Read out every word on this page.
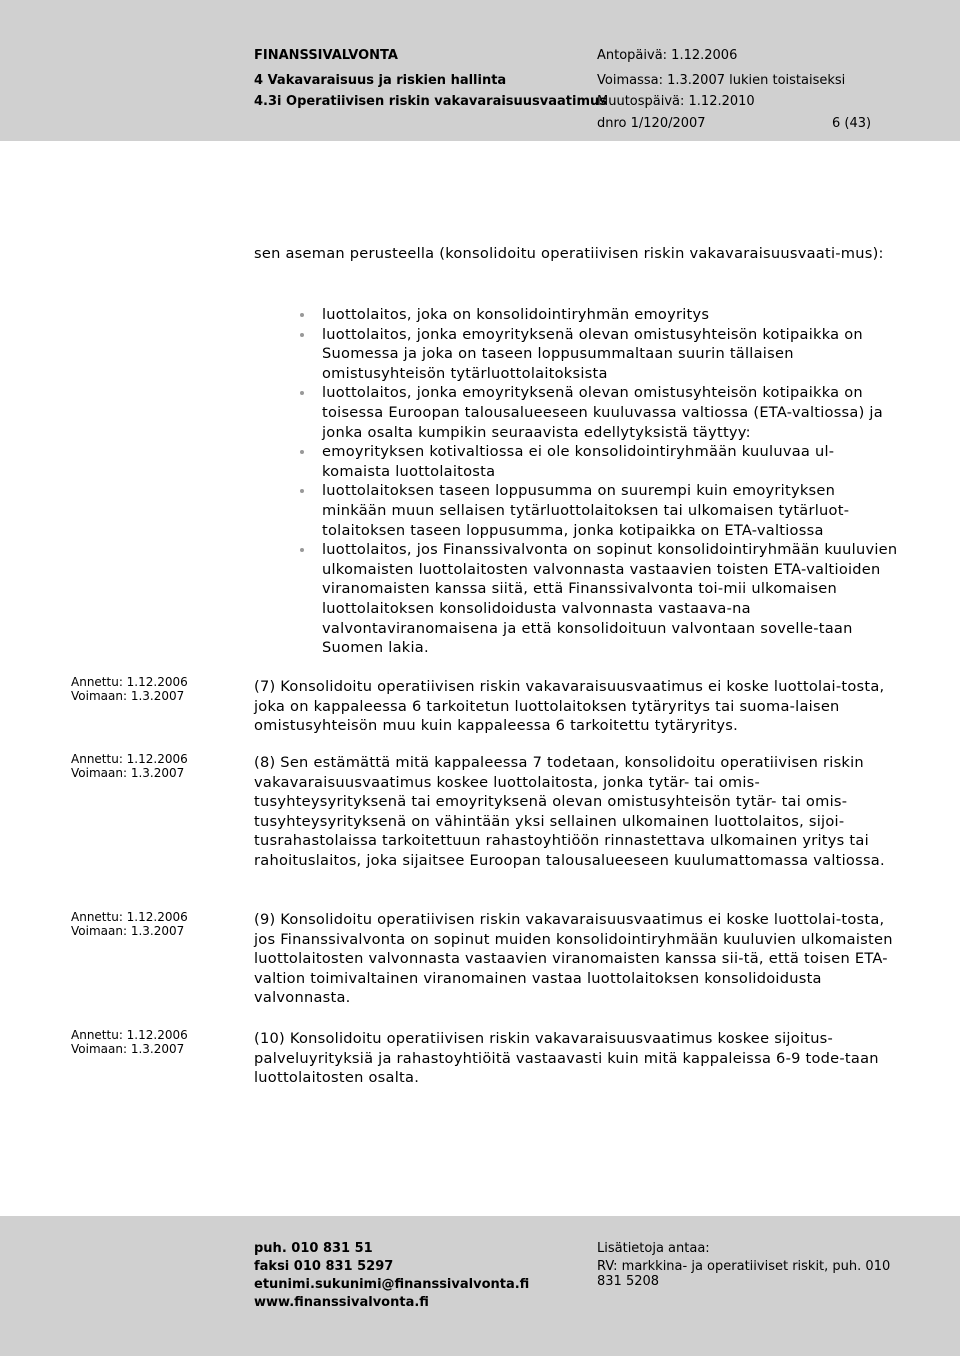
FINANSSIVALVONTA
4 Vakavaraisuus ja riskien hallinta
4.3i Operatiivisen riskin vakavaraisuusvaatimus
Antopäivä: 1.12.2006
Voimassa: 1.3.2007 lukien toistaiseksi
Muutospäivä: 1.12.2010
dnro 1/120/2007	6 (43)
sen aseman perusteella (konsolidoitu operatiivisen riskin vakavaraisuusvaati-mus):
luottolaitos, joka on konsolidointiryhmän emoyritys
luottolaitos, jonka emoyrityksenä olevan omistusyhteisön kotipaikka on Suomessa ja joka on taseen loppusummaltaan suurin tällaisen omistusyhteisön tytärluottolaitoksista
luottolaitos, jonka emoyrityksenä olevan omistusyhteisön kotipaikka on toisessa Euroopan talousalueeseen kuuluvassa valtiossa (ETA-valtiossa) ja jonka osalta kumpikin seuraavista edellytyksistä täyttyy:
emoyrityksen kotivaltiossa ei ole konsolidointiryhmään kuuluvaa ul-komaista luottolaitosta
luottolaitoksen taseen loppusumma on suurempi kuin emoyrityksen minkään muun sellaisen tytärluottolaitoksen tai ulkomaisen tytärluot-tolaitoksen taseen loppusumma, jonka kotipaikka on ETA-valtiossa
luottolaitos, jos Finanssivalvonta on sopinut konsolidointiryhmään kuuluvien ulkomaisten luottolaitosten valvonnasta vastaavien toisten ETA-valtioiden viranomaisten kanssa siitä, että Finanssivalvonta toi-mii ulkomaisen luottolaitoksen konsolidoidusta valvonnasta vastaava-na valvontaviranomaisena ja että konsolidoituun valvontaan sovelle-taan Suomen lakia.
Annettu: 1.12.2006
Voimaan: 1.3.2007
(7) Konsolidoitu operatiivisen riskin vakavaraisuusvaatimus ei koske luottolai-tosta, joka on kappaleessa 6 tarkoitetun luottolaitoksen tytäryritys tai suoma-laisen omistusyhteisön muu kuin kappaleessa 6 tarkoitettu tytäryritys.
Annettu: 1.12.2006
Voimaan: 1.3.2007
(8) Sen estämättä mitä kappaleessa 7 todetaan, konsolidoitu operatiivisen riskin vakavaraisuusvaatimus koskee luottolaitosta, jonka tytär- tai omis-tusyhteysyrityksenä tai emoyrityksenä olevan omistusyhteisön tytär- tai omis-tusyhteysyrityksenä on vähintään yksi sellainen ulkomainen luottolaitos, sijoi-tusrahastolaissa tarkoitettuun rahastoyhtiöön rinnastettava ulkomainen yritys tai rahoituslaitos, joka sijaitsee Euroopan talousalueeseen kuulumattomassa valtiossa.
Annettu: 1.12.2006
Voimaan: 1.3.2007
(9) Konsolidoitu operatiivisen riskin vakavaraisuusvaatimus ei koske luottolai-tosta, jos Finanssivalvonta on sopinut muiden konsolidointiryhmään kuuluvien ulkomaisten luottolaitosten valvonnasta vastaavien viranomaisten kanssa sii-tä, että toisen ETA-valtion toimivaltainen viranomainen vastaa luottolaitoksen konsolidoidusta valvonnasta.
Annettu: 1.12.2006
Voimaan: 1.3.2007
(10) Konsolidoitu operatiivisen riskin vakavaraisuusvaatimus koskee sijoitus-palveluyrityksiä ja rahastoyhtiöitä vastaavasti kuin mitä kappaleissa 6-9 tode-taan luottolaitosten osalta.
puh. 010 831 51
faksi 010 831 5297
etunimi.sukunimi@finanssivalvonta.fi
www.finanssivalvonta.fi
Lisätietoja antaa:
RV: markkina- ja operatiiviset riskit, puh. 010
831 5208
